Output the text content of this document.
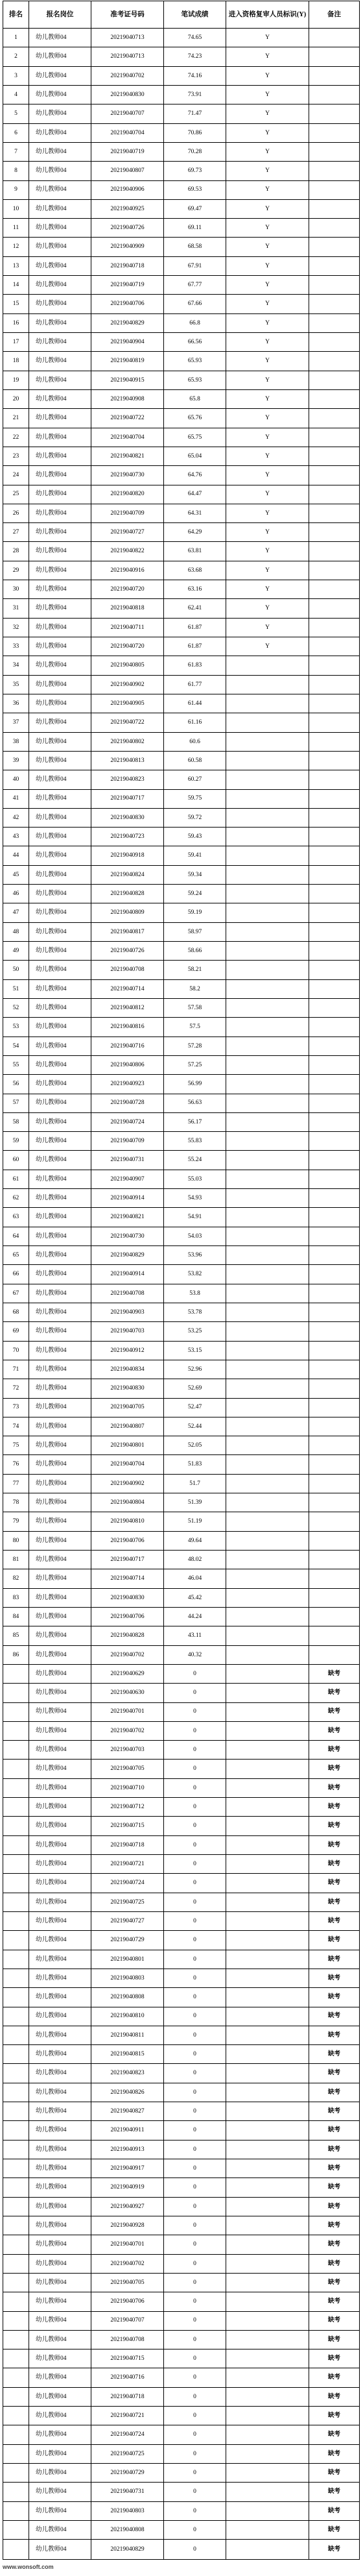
排名	报名岗位	准考证号码	笔试成绩	进入资格复审人员标识(Y)	备注
1	幼儿教师04	20219040713	74.65	Y	
2	幼儿教师04	20219040713	74.23	Y	
3	幼儿教师04	20219040702	74.16	Y	
4	幼儿教师04	20219040830	73.91	Y	
5	幼儿教师04	20219040707	71.47	Y	
6	幼儿教师04	20219040704	70.86	Y	
7	幼儿教师04	20219040719	70.28	Y	
8	幼儿教师04	20219040807	69.73	Y	
9	幼儿教师04	20219040906	69.53	Y	
10	幼儿教师04	20219040925	69.47	Y	
11	幼儿教师04	20219040726	69.11	Y	
12	幼儿教师04	20219040909	68.58	Y	
13	幼儿教师04	20219040718	67.91	Y	
14	幼儿教师04	20219040719	67.77	Y	
15	幼儿教师04	20219040706	67.66	Y	
16	幼儿教师04	20219040829	66.8	Y	
17	幼儿教师04	20219040904	66.56	Y	
18	幼儿教师04	20219040819	65.93	Y	
19	幼儿教师04	20219040915	65.93	Y	
20	幼儿教师04	20219040908	65.8	Y	
21	幼儿教师04	20219040722	65.76	Y	
22	幼儿教师04	20219040704	65.75	Y	
23	幼儿教师04	20219040821	65.04	Y	
24	幼儿教师04	20219040730	64.76	Y	
25	幼儿教师04	20219040820	64.47	Y	
26	幼儿教师04	20219040709	64.31	Y	
27	幼儿教师04	20219040727	64.29	Y	
28	幼儿教师04	20219040822	63.81	Y	
29	幼儿教师04	20219040916	63.68	Y	
30	幼儿教师04	20219040720	63.16	Y	
31	幼儿教师04	20219040818	62.41	Y	
32	幼儿教师04	20219040711	61.87	Y	
33	幼儿教师04	20219040720	61.87	Y	
34	幼儿教师04	20219040805	61.83		
35	幼儿教师04	20219040902	61.77		
36	幼儿教师04	20219040905	61.44		
37	幼儿教师04	20219040722	61.16		
38	幼儿教师04	20219040802	60.6		
39	幼儿教师04	20219040813	60.58		
40	幼儿教师04	20219040823	60.27		
41	幼儿教师04	20219040717	59.75		
42	幼儿教师04	20219040830	59.72		
43	幼儿教师04	20219040723	59.43		
44	幼儿教师04	20219040918	59.41		
45	幼儿教师04	20219040824	59.34		
46	幼儿教师04	20219040828	59.24		
47	幼儿教师04	20219040809	59.19		
48	幼儿教师04	20219040817	58.97		
49	幼儿教师04	20219040726	58.66		
50	幼儿教师04	20219040708	58.21		
51	幼儿教师04	20219040714	58.2		
52	幼儿教师04	20219040812	57.58		
53	幼儿教师04	20219040816	57.5		
54	幼儿教师04	20219040716	57.28		
55	幼儿教师04	20219040806	57.25		
56	幼儿教师04	20219040923	56.99		
57	幼儿教师04	20219040728	56.63		
58	幼儿教师04	20219040724	56.17		
59	幼儿教师04	20219040709	55.83		
60	幼儿教师04	20219040731	55.24		
61	幼儿教师04	20219040907	55.03		
62	幼儿教师04	20219040914	54.93		
63	幼儿教师04	20219040821	54.91		
64	幼儿教师04	20219040730	54.03		
65	幼儿教师04	20219040829	53.96		
66	幼儿教师04	20219040914	53.82		
67	幼儿教师04	20219040708	53.8		
68	幼儿教师04	20219040903	53.78		
69	幼儿教师04	20219040703	53.25		
70	幼儿教师04	20219040912	53.15		
71	幼儿教师04	20219040834	52.96		
72	幼儿教师04	20219040830	52.69		
73	幼儿教师04	20219040705	52.47		
74	幼儿教师04	20219040807	52.44		
75	幼儿教师04	20219040801	52.05		
76	幼儿教师04	20219040704	51.83		
77	幼儿教师04	20219040902	51.7		
78	幼儿教师04	20219040804	51.39		
79	幼儿教师04	20219040810	51.19		
80	幼儿教师04	20219040706	49.64		
81	幼儿教师04	20219040717	48.02		
82	幼儿教师04	20219040714	46.04		
83	幼儿教师04	20219040830	45.42		
84	幼儿教师04	20219040706	44.24		
85	幼儿教师04	20219040828	43.11		
86	幼儿教师04	20219040702	40.32		
	幼儿教师04	20219040629	0		缺考
	幼儿教师04	20219040630	0		缺考
	幼儿教师04	20219040701	0		缺考
	幼儿教师04	20219040702	0		缺考
	幼儿教师04	20219040703	0		缺考
	幼儿教师04	20219040705	0		缺考
	幼儿教师04	20219040710	0		缺考
	幼儿教师04	20219040712	0		缺考
	幼儿教师04	20219040715	0		缺考
	幼儿教师04	20219040718	0		缺考
	幼儿教师04	20219040721	0		缺考
	幼儿教师04	20219040724	0		缺考
	幼儿教师04	20219040725	0		缺考
	幼儿教师04	20219040727	0		缺考
	幼儿教师04	20219040729	0		缺考
	幼儿教师04	20219040801	0		缺考
	幼儿教师04	20219040803	0		缺考
	幼儿教师04	20219040808	0		缺考
	幼儿教师04	20219040810	0		缺考
	幼儿教师04	20219040811	0		缺考
	幼儿教师04	20219040815	0		缺考
	幼儿教师04	20219040823	0		缺考
	幼儿教师04	20219040826	0		缺考
	幼儿教师04	20219040827	0		缺考
	幼儿教师04	20219040911	0		缺考
	幼儿教师04	20219040913	0		缺考
	幼儿教师04	20219040917	0		缺考
	幼儿教师04	20219040919	0		缺考
	幼儿教师04	20219040927	0		缺考
	幼儿教师04	20219040928	0		缺考
	幼儿教师04	20219040701	0		缺考
	幼儿教师04	20219040702	0		缺考
	幼儿教师04	20219040705	0		缺考
	幼儿教师04	20219040706	0		缺考
	幼儿教师04	20219040707	0		缺考
	幼儿教师04	20219040708	0		缺考
	幼儿教师04	20219040715	0		缺考
	幼儿教师04	20219040716	0		缺考
	幼儿教师04	20219040718	0		缺考
	幼儿教师04	20219040721	0		缺考
	幼儿教师04	20219040724	0		缺考
	幼儿教师04	20219040725	0		缺考
	幼儿教师04	20219040729	0		缺考
	幼儿教师04	20219040731	0		缺考
	幼儿教师04	20219040803	0		缺考
	幼儿教师04	20219040808	0		缺考
	幼儿教师04	20219040829	0		缺考
www.wonsoft.com
